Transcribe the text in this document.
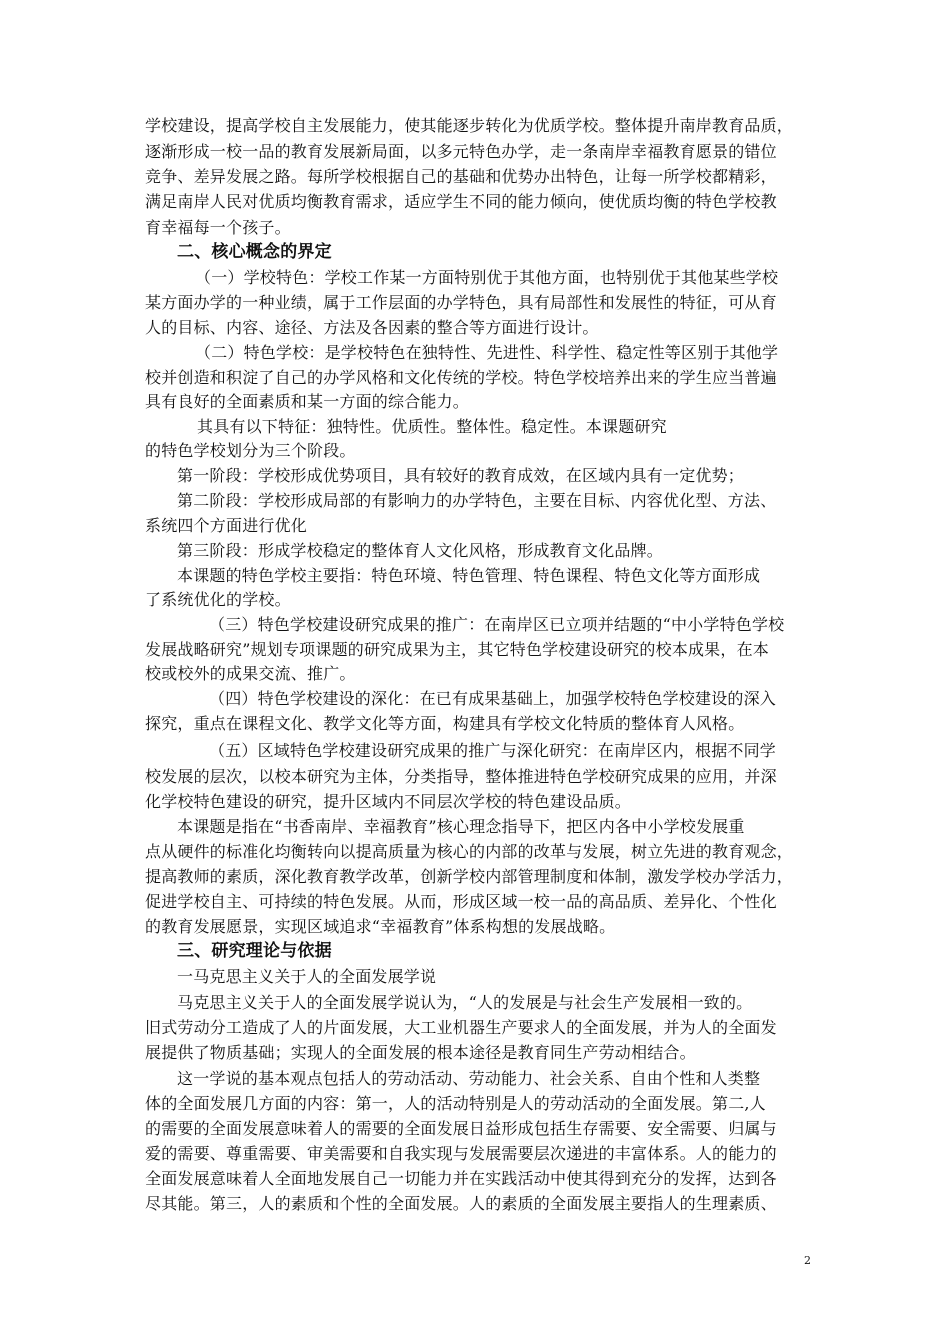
学校建设，提高学校自主发展能力，使其能逐步转化为优质学校。整体提升南岸教育品质，
逐渐形成一校一品的教育发展新局面，以多元特色办学，走一条南岸幸福教育愿景的错位
竞争、差异发展之路。每所学校根据自己的基础和优势办出特色，让每一所学校都精彩，
满足南岸人民对优质均衡教育需求，适应学生不同的能力倾向，使优质均衡的特色学校教
育幸福每一个孩子。
二、核心概念的界定
（一）学校特色：学校工作某一方面特别优于其他方面，也特别优于其他某些学校
某方面办学的一种业绩，属于工作层面的办学特色，具有局部性和发展性的特征，可从育
人的目标、内容、途径、方法及各因素的整合等方面进行设计。
（二）特色学校：是学校特色在独特性、先进性、科学性、稳定性等区别于其他学
校并创造和积淀了自己的办学风格和文化传统的学校。特色学校培养出来的学生应当普遍
具有良好的全面素质和某一方面的综合能力。
其具有以下特征：独特性。优质性。整体性。稳定性。本课题研究
的特色学校划分为三个阶段。
第一阶段：学校形成优势项目，具有较好的教育成效，在区域内具有一定优势；
第二阶段：学校形成局部的有影响力的办学特色，主要在目标、内容优化型、方法、
系统四个方面进行优化
第三阶段：形成学校稳定的整体育人文化风格，形成教育文化品牌。
本课题的特色学校主要指：特色环境、特色管理、特色课程、特色文化等方面形成
了系统优化的学校。
（三）特色学校建设研究成果的推广：在南岸区已立项并结题的“中小学特色学校
发展战略研究”规划专项课题的研究成果为主，其它特色学校建设研究的校本成果，在本
校或校外的成果交流、推广。
（四）特色学校建设的深化：在已有成果基础上，加强学校特色学校建设的深入
探究，重点在课程文化、教学文化等方面，构建具有学校文化特质的整体育人风格。
（五）区域特色学校建设研究成果的推广与深化研究：在南岸区内，根据不同学
校发展的层次，以校本研究为主体，分类指导，整体推进特色学校研究成果的应用，并深
化学校特色建设的研究，提升区域内不同层次学校的特色建设品质。
本课题是指在“书香南岸、幸福教育”核心理念指导下，把区内各中小学校发展重
点从硬件的标准化均衡转向以提高质量为核心的内部的改革与发展，树立先进的教育观念，
提高教师的素质，深化教育教学改革，创新学校内部管理制度和体制，激发学校办学活力，
促进学校自主、可持续的特色发展。从而，形成区域一校一品的高品质、差异化、个性化
的教育发展愿景，实现区域追求“幸福教育”体系构想的发展战略。
三、研究理论与依据
一马克思主义关于人的全面发展学说
马克思主义关于人的全面发展学说认为，“人的发展是与社会生产发展相一致的。
旧式劳动分工造成了人的片面发展，大工业机器生产要求人的全面发展，并为人的全面发
展提供了物质基础；实现人的全面发展的根本途径是教育同生产劳动相结合。
这一学说的基本观点包括人的劳动活动、劳动能力、社会关系、自由个性和人类整
体的全面发展几方面的内容：第一，人的活动特别是人的劳动活动的全面发展。第二,人
的需要的全面发展意味着人的需要的全面发展日益形成包括生存需要、安全需要、归属与
爱的需要、尊重需要、审美需要和自我实现与发展需要层次递进的丰富体系。人的能力的
全面发展意味着人全面地发展自己一切能力并在实践活动中使其得到充分的发挥，达到各
尽其能。第三，人的素质和个性的全面发展。人的素质的全面发展主要指人的生理素质、
2
